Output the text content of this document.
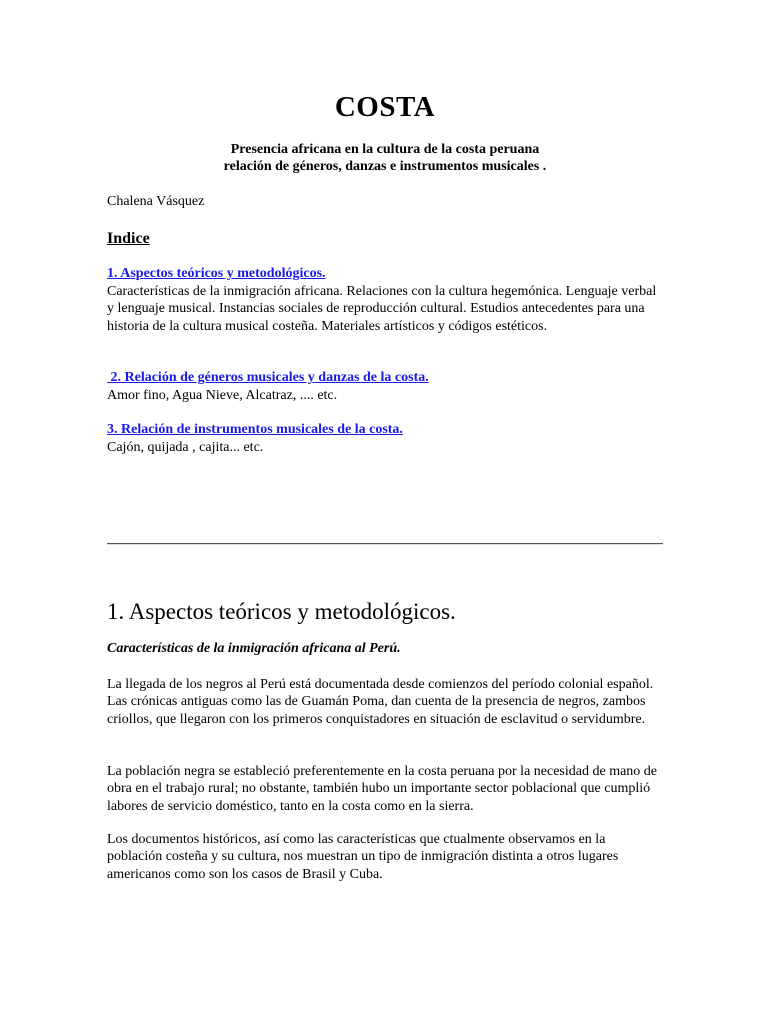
COSTA
Presencia africana en la cultura de la costa peruana
relación de géneros, danzas e instrumentos musicales .

Chalena Vásquez

Indice

1. Aspectos teóricos y metodológicos.

Características de la inmigración africana. Relaciones con la cultura hegemónica. Lenguaje verbal y lenguaje musical. Instancias sociales de reproducción cultural. Estudios antecedentes para una historia de la cultura musical costeña. Materiales artísticos y códigos estéticos.

2. Relación de géneros musicales y danzas de la costa.

Amor fino, Agua Nieve, Alcatraz, .... etc.

3. Relación de instrumentos musicales de la costa.

Cajón, quijada , cajita... etc.

1. Aspectos teóricos y metodológicos.

Características de la inmigración africana al Perú.

La llegada de los negros al Perú está documentada desde comienzos del período colonial español. Las crónicas antiguas como las de Guamán Poma, dan cuenta de la presencia de negros, zambos criollos, que llegaron con los primeros conquistadores en situación de esclavitud o servidumbre.

La población negra se estableció preferentemente en la costa peruana por la necesidad de mano de obra en el trabajo rural; no obstante, también hubo un importante sector poblacional que cumplió labores de servicio doméstico, tanto en la costa como en la sierra.

Los documentos históricos, así como las características que ctualmente observamos en la población costeña y su cultura, nos muestran un tipo de inmigración distinta a otros lugares americanos como son los casos de Brasil y Cuba.
